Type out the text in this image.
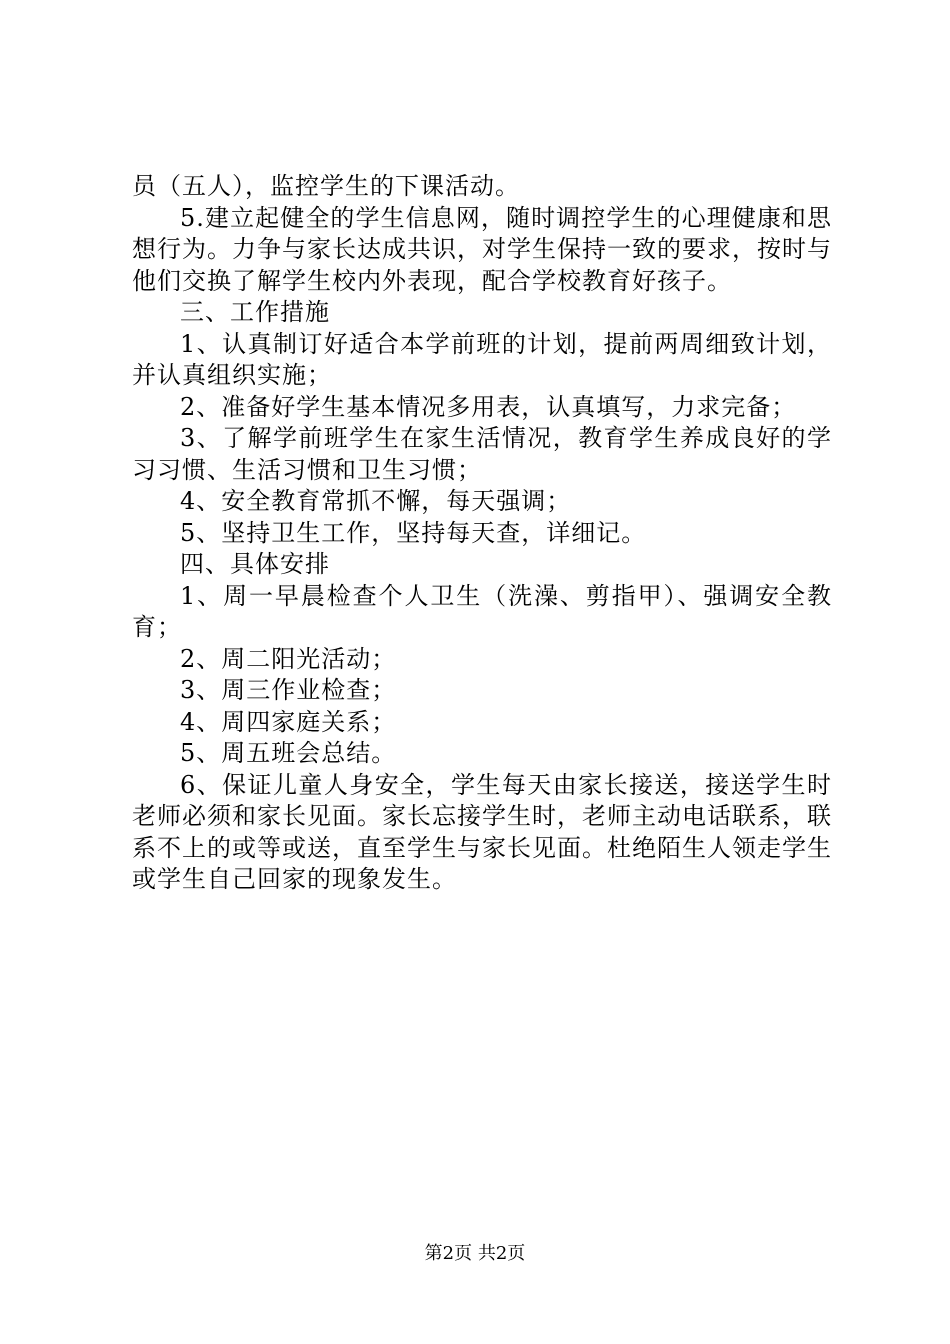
员（五人），监控学生的下课活动。

5.建立起健全的学生信息网，随时调控学生的心理健康和思想行为。力争与家长达成共识，对学生保持一致的要求，按时与他们交换了解学生校内外表现，配合学校教育好孩子。

三、工作措施

1、认真制订好适合本学前班的计划，提前两周细致计划，并认真组织实施；

2、准备好学生基本情况多用表，认真填写，力求完备；

3、了解学前班学生在家生活情况，教育学生养成良好的学习习惯、生活习惯和卫生习惯；

4、安全教育常抓不懈，每天强调；

5、坚持卫生工作，坚持每天查，详细记。

四、具体安排

1、周一早晨检查个人卫生（洗澡、剪指甲）、强调安全教育；

2、周二阳光活动；

3、周三作业检查；

4、周四家庭关系；

5、周五班会总结。

6、保证儿童人身安全，学生每天由家长接送，接送学生时老师必须和家长见面。家长忘接学生时，老师主动电话联系，联系不上的或等或送，直至学生与家长见面。杜绝陌生人领走学生或学生自己回家的现象发生。

第2页 共2页
